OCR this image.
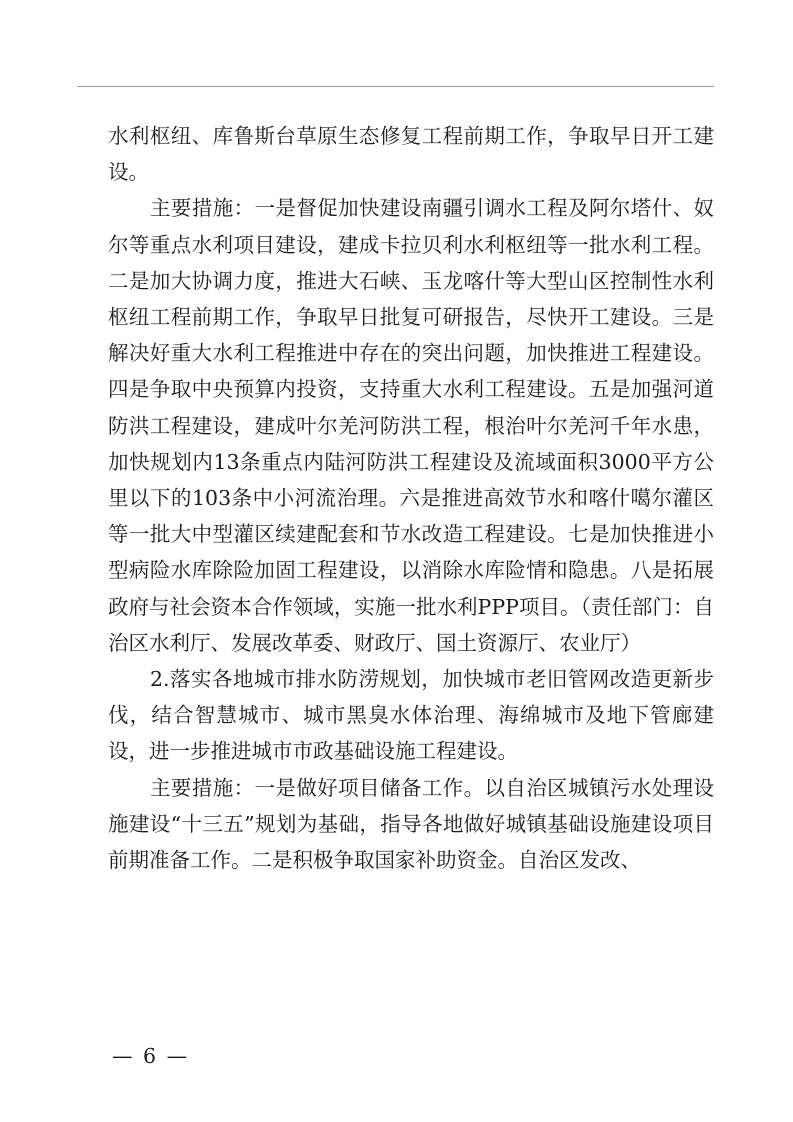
水利枢纽、库鲁斯台草原生态修复工程前期工作，争取早日开工建设。

主要措施：一是督促加快建设南疆引调水工程及阿尔塔什、奴尔等重点水利项目建设，建成卡拉贝利水利枢纽等一批水利工程。二是加大协调力度，推进大石峡、玉龙喀什等大型山区控制性水利枢纽工程前期工作，争取早日批复可研报告，尽快开工建设。三是解决好重大水利工程推进中存在的突出问题，加快推进工程建设。四是争取中央预算内投资，支持重大水利工程建设。五是加强河道防洪工程建设，建成叶尔羌河防洪工程，根治叶尔羌河千年水患，加快规划内13条重点内陆河防洪工程建设及流域面积3000平方公里以下的103条中小河流治理。六是推进高效节水和喀什噶尔灌区等一批大中型灌区续建配套和节水改造工程建设。七是加快推进小型病险水库除险加固工程建设，以消除水库险情和隐患。八是拓展政府与社会资本合作领域，实施一批水利PPP项目。（责任部门：自治区水利厅、发展改革委、财政厅、国土资源厅、农业厅）

2.落实各地城市排水防涝规划，加快城市老旧管网改造更新步伐，结合智慧城市、城市黑臭水体治理、海绵城市及地下管廊建设，进一步推进城市市政基础设施工程建设。

主要措施：一是做好项目储备工作。以自治区城镇污水处理设施建设“十三五”规划为基础，指导各地做好城镇基础设施建设项目前期准备工作。二是积极争取国家补助资金。自治区发改、

— 6 —
